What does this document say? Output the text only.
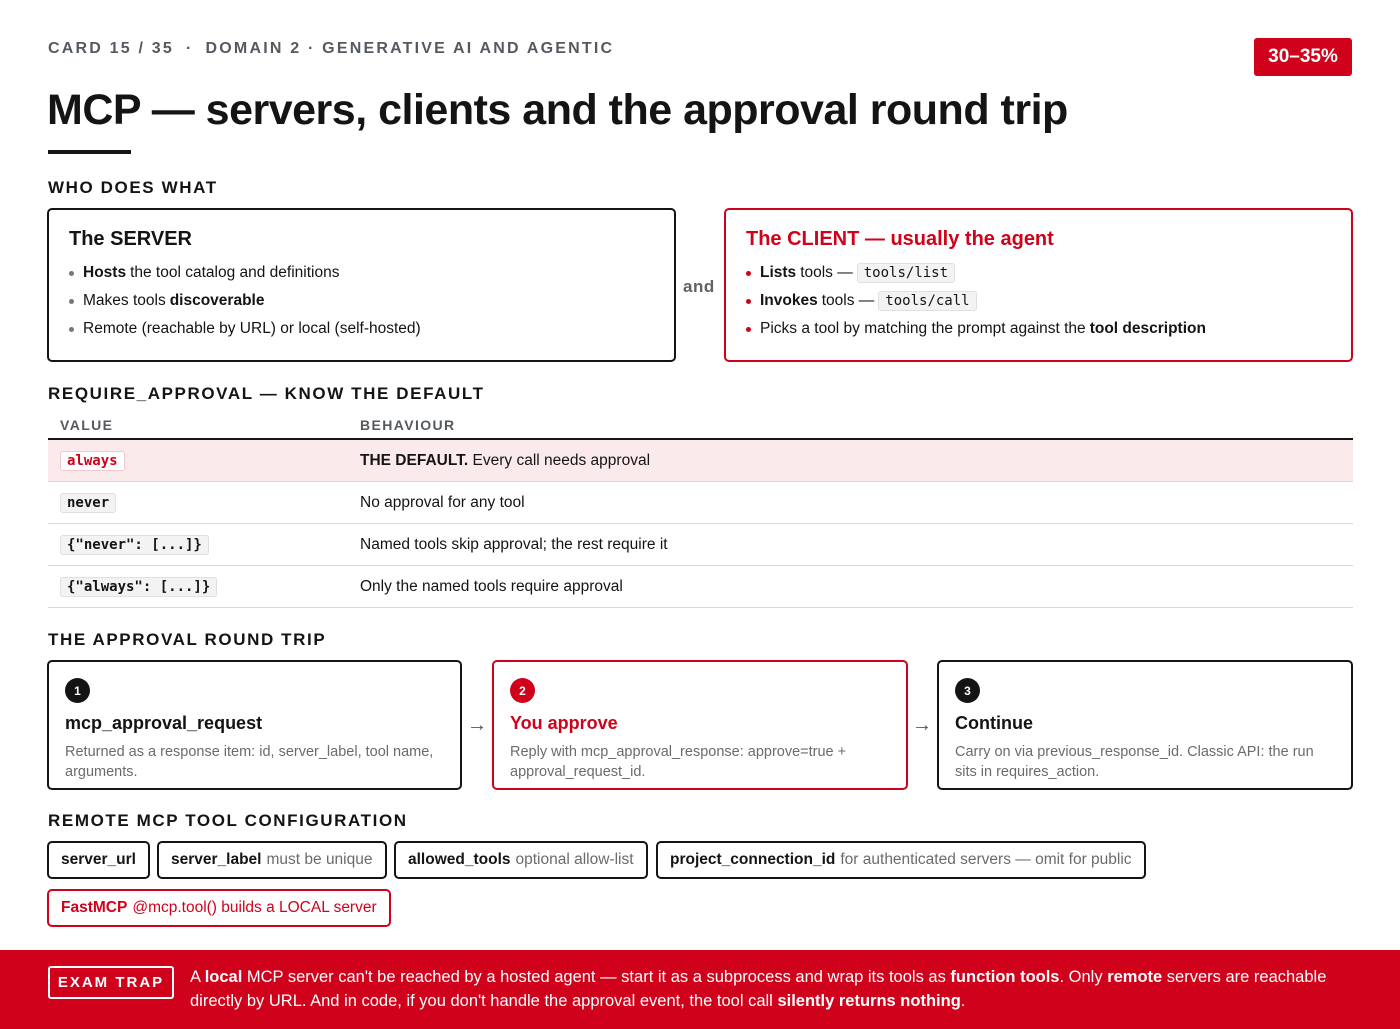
CARD 15 / 35 · DOMAIN 2 · GENERATIVE AI AND AGENTIC	30–35%
MCP — servers, clients and the approval round trip
WHO DOES WHAT
The SERVER
Hosts the tool catalog and definitions
Makes tools discoverable
Remote (reachable by URL) or local (self-hosted)
and
The CLIENT — usually the agent
Lists tools — tools/list
Invokes tools — tools/call
Picks a tool by matching the prompt against the tool description
REQUIRE_APPROVAL — KNOW THE DEFAULT
VALUE	BEHAVIOUR
always	THE DEFAULT. Every call needs approval
never	No approval for any tool
{"never": [...]}	Named tools skip approval; the rest require it
{"always": [...]}	Only the named tools require approval
THE APPROVAL ROUND TRIP
1
mcp_approval_request

Returned as a response item: id, server_label, tool name, arguments.

→
2
You approve

Reply with mcp_approval_response: approve=true + approval_request_id.

→
3
Continue

Carry on via previous_response_id. Classic API: the run sits in requires_action.

REMOTE MCP TOOL CONFIGURATION
server_url server_label must be unique allowed_tools optional allow-list project_connection_id for authenticated servers — omit for public
FastMCP @mcp.tool() builds a LOCAL server
EXAM TRAP	A local MCP server can't be reached by a hosted agent — start it as a subprocess and wrap its tools as function tools. Only remote servers are reachable directly by URL. And in code, if you don't handle the approval event, the tool call silently returns nothing.
